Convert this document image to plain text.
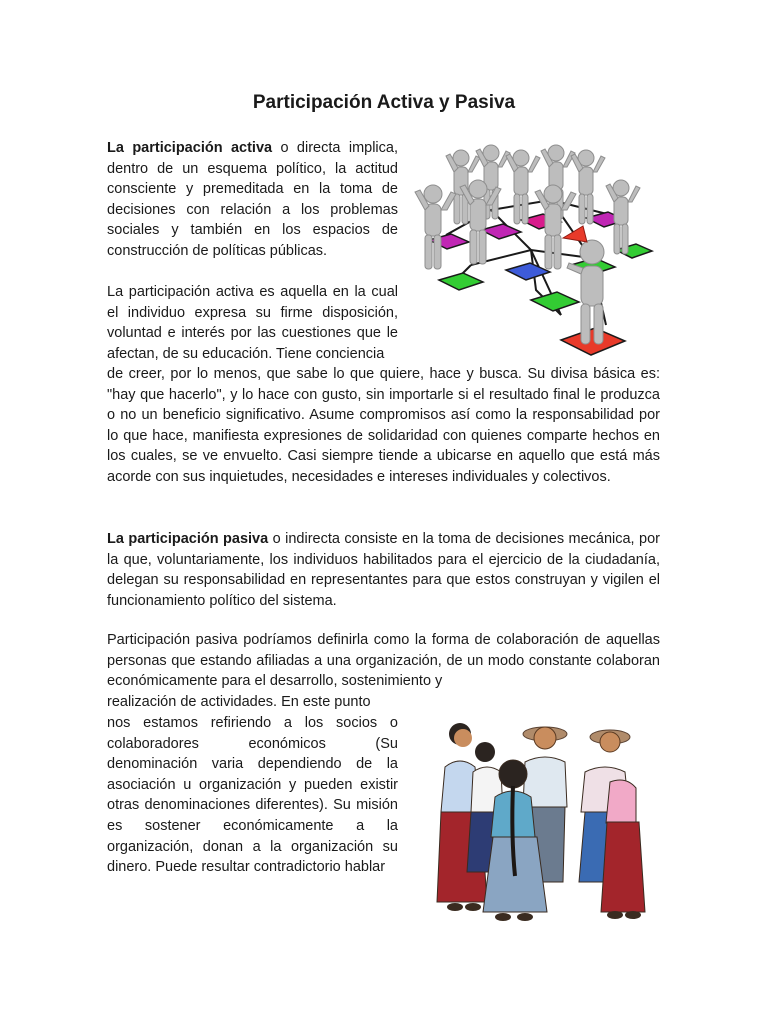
Participación Activa y Pasiva

La participación activa o directa implica, dentro de un esquema político, la actitud consciente y premeditada en la toma de decisiones con relación a los problemas sociales y también en los espacios de construcción de políticas públicas.

La participación activa es aquella en la cual el individuo expresa su firme disposición, voluntad e interés por las cuestiones que le afectan, de su educación. Tiene conciencia

de creer, por lo menos, que sabe lo que quiere, hace y busca. Su divisa básica es: "hay que hacerlo", y lo hace con gusto, sin importarle si el resultado final le produzca o no un beneficio significativo. Asume compromisos así como la responsabilidad por lo que hace, manifiesta expresiones de solidaridad con quienes comparte hechos en los cuales, se ve envuelto. Casi siempre tiende a ubicarse en aquello que está más acorde con sus inquietudes, necesidades e intereses individuales y colectivos.

La participación pasiva o indirecta consiste en la toma de decisiones mecánica, por la que, voluntariamente, los individuos habilitados para el ejercicio de la ciudadanía, delegan su responsabilidad en representantes para que estos construyan y vigilen el funcionamiento político del sistema.

Participación pasiva podríamos definirla como la forma de colaboración de aquellas personas que estando afiliadas a una organización, de un modo constante colaboran económicamente para el desarrollo, sostenimiento y

realización de actividades. En este punto

nos estamos refiriendo a los socios o colaboradores económicos (Su denominación varia dependiendo de la asociación u organización y pueden existir otras denominaciones diferentes). Su misión es sostener económicamente a la organización, donan a la organización su dinero. Puede resultar contradictorio hablar
